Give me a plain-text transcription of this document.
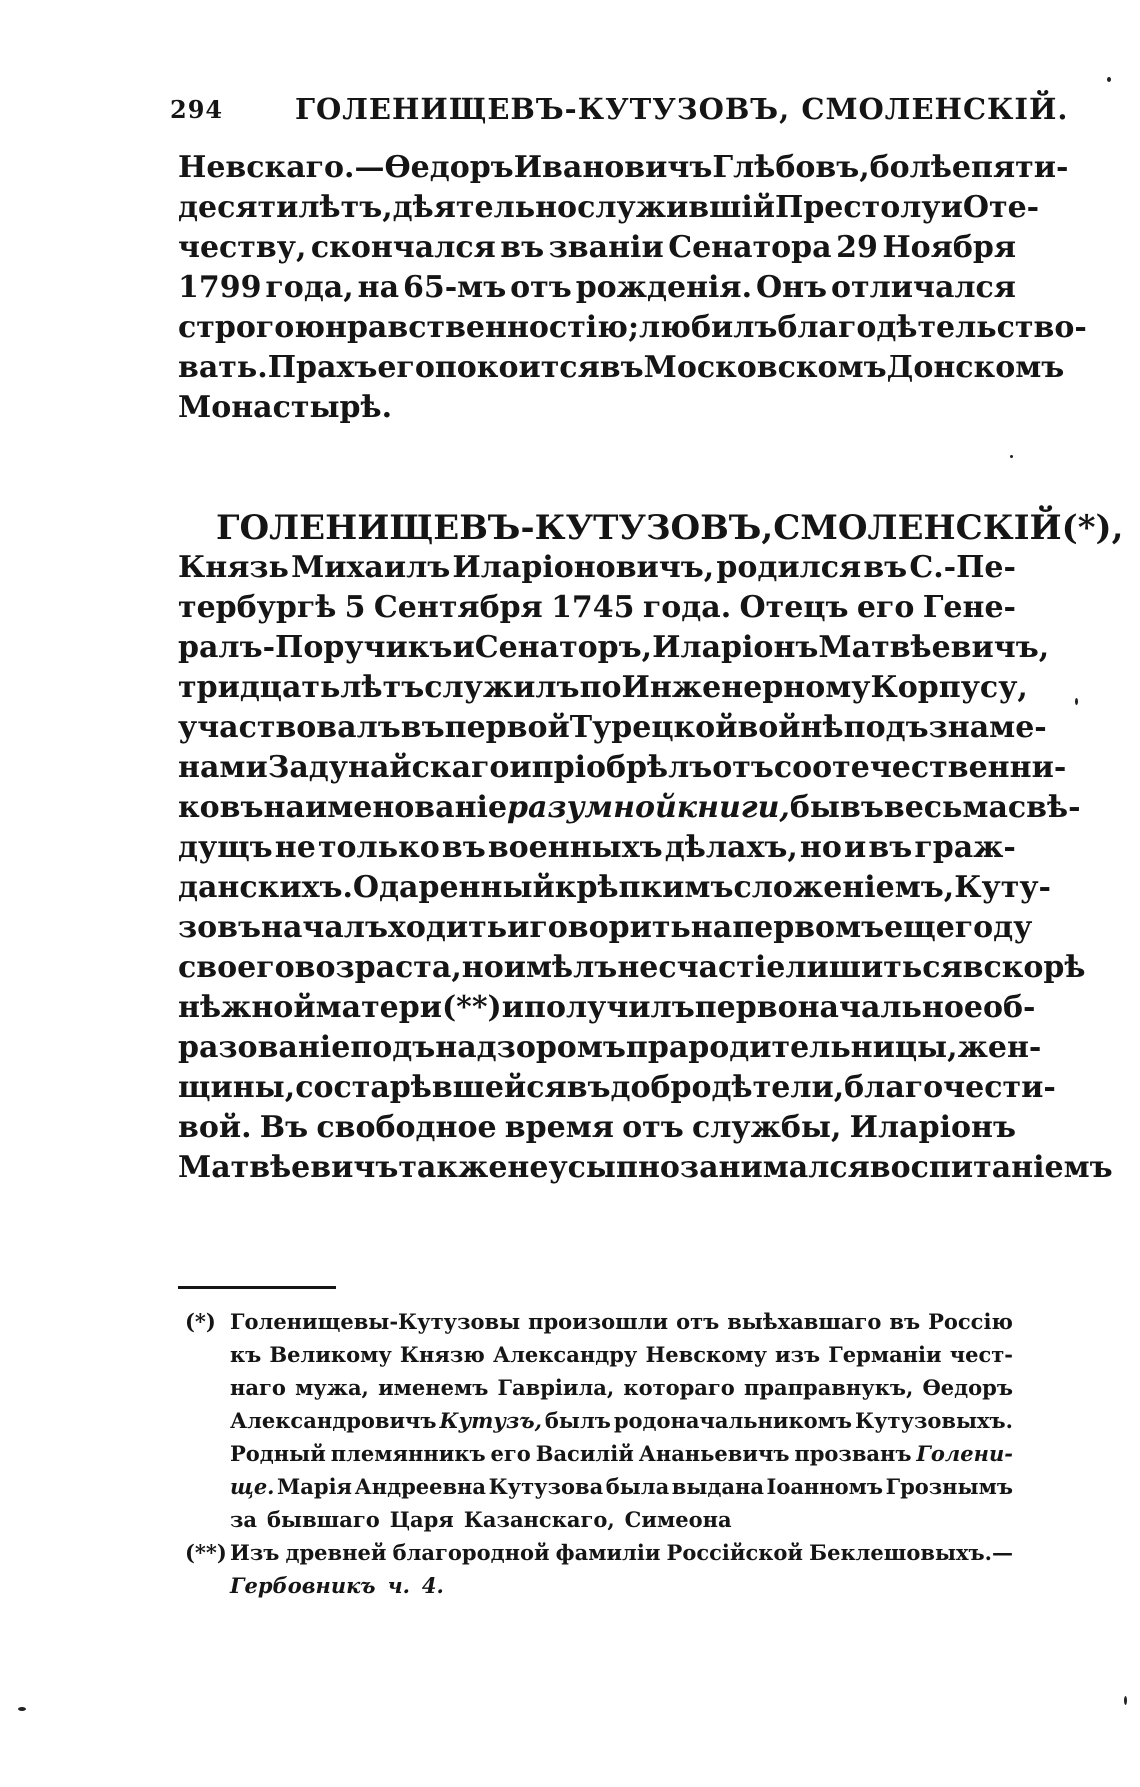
294 ГОЛЕНИЩЕВЪ-КУТУЗОВЪ, СМОЛЕНСКІЙ.
Невскаго.—Ѳедоръ Ивановичъ Глѣбовъ, болѣе пяти-
десяти лѣтъ, дѣятельно служившій Престолу и Оте-
честву, скончался въ званіи Сенатора 29 Ноября
1799 года, на 65-мъ отъ рожденія. Онъ отличался
строгою нравственностію; любилъ благодѣтельство-
вать. Прахъ его покоится въ Московскомъ Донскомъ
Монастырѣ.
ГОЛЕНИЩЕВЪ-КУТУЗОВЪ, СМОЛЕНСКІЙ (*),
Князь Михаилъ Иларіоновичъ, родился въ С.-Пе-
тербургѣ 5 Сентября 1745 года. Отецъ его Гене-
ралъ-Поручикъ и Сенаторъ, Иларіонъ Матвѣевичъ,
тридцать лѣтъ служилъ по Инженерному Корпусу,
участвовалъ въ первой Турецкой войнѣ подъ знаме-
нами Задунайскаго и пріобрѣлъ отъ соотечественни-
ковъ наименованіе разумной книги, бывъ весьма свѣ-
дущъ не только въ военныхъ дѣлахъ, но и въ граж-
данскихъ. Одаренный крѣпкимъ сложеніемъ, Куту-
зовъ началъ ходить и говорить на первомъ еще году
своего возраста, но имѣлъ несчастіе лишиться вскорѣ
нѣжной матери (**) и получилъ первоначальное об-
разованіе подъ надзоромъ прародительницы, жен-
щины, состарѣвшейся въ добродѣтели, благочести-
вой. Въ свободное время отъ службы, Иларіонъ
Матвѣевичъ также неусыпно занимался воспитаніемъ
(*) Голенищевы-Кутузовы произошли отъ выѣхавшаго въ Россію
къ Великому Князю Александру Невскому изъ Германіи чест-
наго мужа, именемъ Гавріила, котораго праправнукъ, Ѳедоръ
Александровичъ Кутузъ, былъ родоначальникомъ Кутузовыхъ.
Родный племянникъ его Василій Ананьевичъ прозванъ Голени-
ще. Марія Андреевна Кутузова была выдана Іоанномъ Грознымъ
за бывшаго Царя Казанскаго, Симеона
(**) Изъ древней благородной фамиліи Россійской Беклешовыхъ.—
Гербовникъ ч. 4.
